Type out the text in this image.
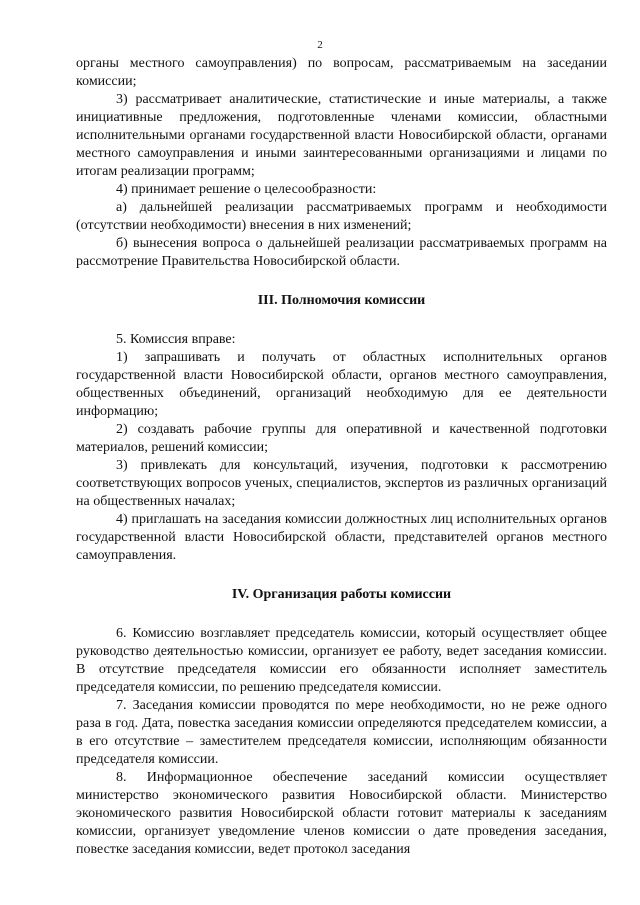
2

органы местного самоуправления) по вопросам, рассматриваемым на заседании комиссии;

3) рассматривает аналитические, статистические и иные материалы, а также инициативные предложения, подготовленные членами комиссии, областными исполнительными органами государственной власти Новосибирской области, органами местного самоуправления и иными заинтересованными организациями и лицами по итогам реализации программ;

4) принимает решение о целесообразности:

а) дальнейшей реализации рассматриваемых программ и необходимости (отсутствии необходимости) внесения в них изменений;

б) вынесения вопроса о дальнейшей реализации рассматриваемых программ на рассмотрение Правительства Новосибирской области.

III. Полномочия комиссии

5. Комиссия вправе:

1) запрашивать и получать от областных исполнительных органов государственной власти Новосибирской области, органов местного самоуправления, общественных объединений, организаций необходимую для ее деятельности информацию;

2) создавать рабочие группы для оперативной и качественной подготовки материалов, решений комиссии;

3) привлекать для консультаций, изучения, подготовки к рассмотрению соответствующих вопросов ученых, специалистов, экспертов из различных организаций на общественных началах;

4) приглашать на заседания комиссии должностных лиц исполнительных органов государственной власти Новосибирской области, представителей органов местного самоуправления.

IV. Организация работы комиссии

6. Комиссию возглавляет председатель комиссии, который осуществляет общее руководство деятельностью комиссии, организует ее работу, ведет заседания комиссии. В отсутствие председателя комиссии его обязанности исполняет заместитель председателя комиссии, по решению председателя комиссии.

7. Заседания комиссии проводятся по мере необходимости, но не реже одного раза в год. Дата, повестка заседания комиссии определяются председателем комиссии, а в его отсутствие – заместителем председателя комиссии, исполняющим обязанности председателя комиссии.

8. Информационное обеспечение заседаний комиссии осуществляет министерство экономического развития Новосибирской области. Министерство экономического развития Новосибирской области готовит материалы к заседаниям комиссии, организует уведомление членов комиссии о дате проведения заседания, повестке заседания комиссии, ведет протокол заседания
